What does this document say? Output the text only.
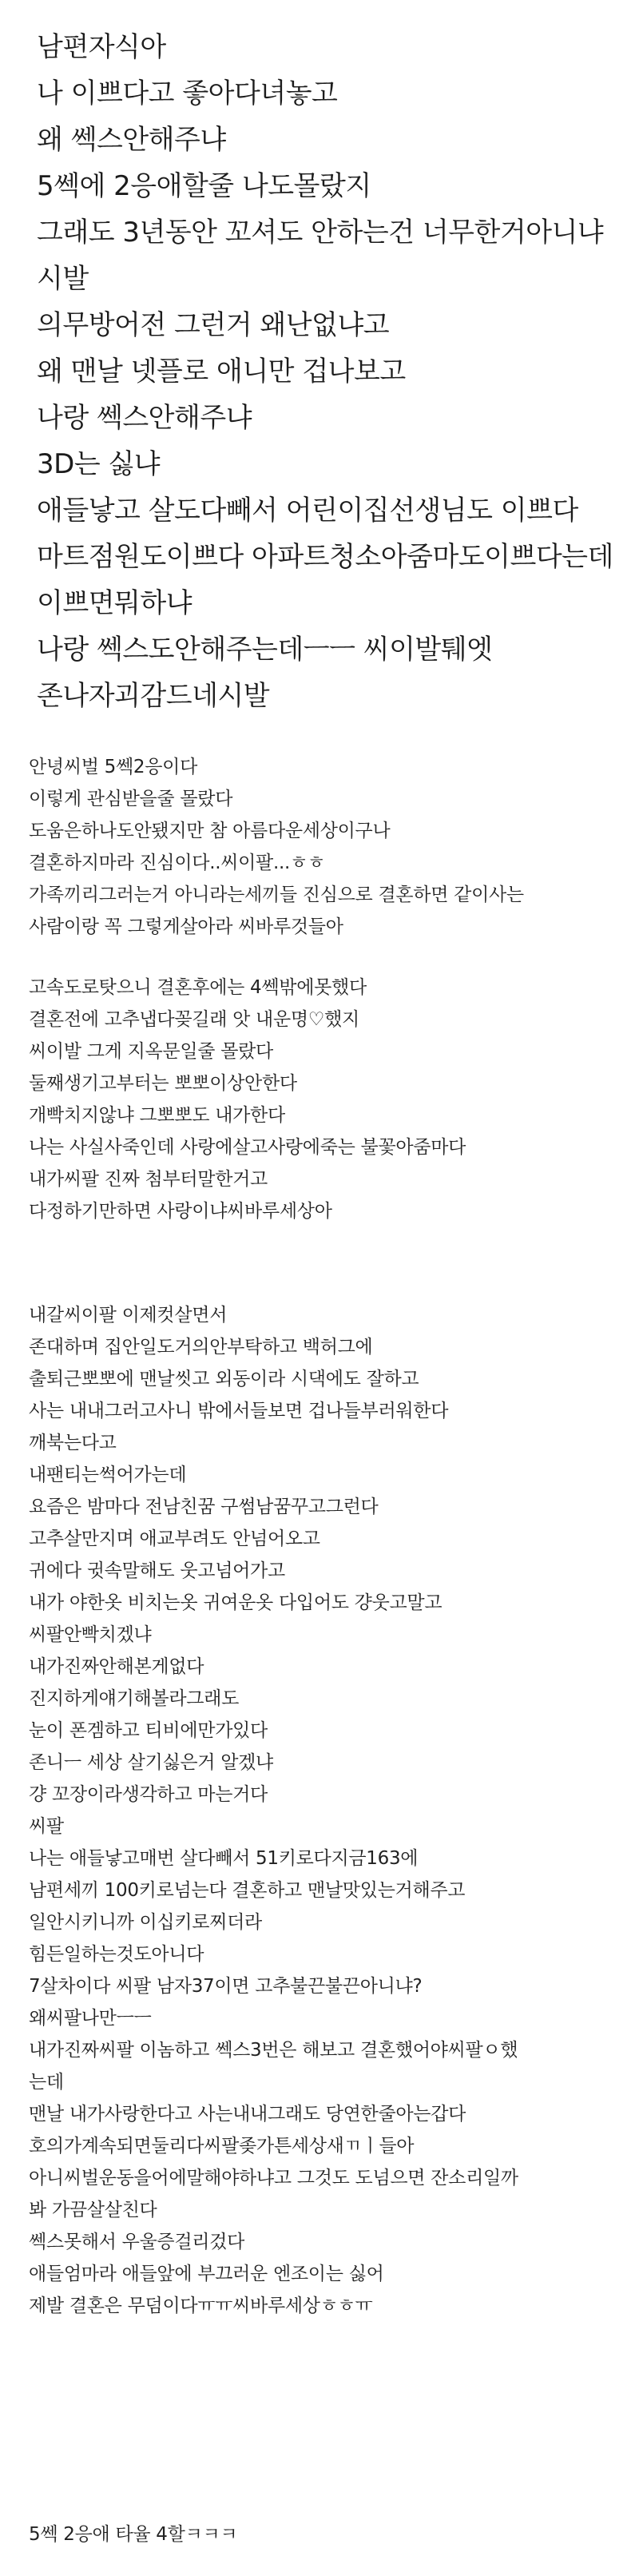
남편자식아
나 이쁘다고 좋아다녀놓고
왜 쎅스안해주냐
5쎅에 2응애할줄 나도몰랐지
그래도 3년동안 꼬셔도 안하는건 너무한거아니냐
시발
의무방어전 그런거 왜난없냐고
왜 맨날 넷플로 애니만 겁나보고
나랑 쎅스안해주냐
3D는 싫냐
애들낳고 살도다빼서 어린이집선생님도 이쁘다
마트점원도이쁘다 아파트청소아줌마도이쁘다는데
이쁘면뭐하냐
나랑 쎅스도안해주는데ㅡㅡ 씨이발퉤엣
존나자괴감드네시발
안녕씨벌 5쎅2응이다
이렇게 관심받을줄 몰랐다
도움은하나도안됐지만 참 아름다운세상이구나
결혼하지마라 진심이다..씨이팔...ㅎㅎ
가족끼리그러는거 아니라는세끼들 진심으로 결혼하면 같이사는
사람이랑 꼭 그렇게살아라 씨바루것들아
고속도로탓으니 결혼후에는 4쎅밖에못했다
결혼전에 고추냅다꽂길래 앗 내운명♡했지
씨이발 그게 지옥문일줄 몰랐다
둘째생기고부터는 뽀뽀이상안한다
개빡치지않냐 그뽀뽀도 내가한다
나는 사실사죽인데 사랑에살고사랑에죽는 불꽃아줌마다
내가씨팔 진짜 첨부터말한거고
다정하기만하면 사랑이냐씨바루세상아
내갈씨이팔 이제컷살면서
존대하며 집안일도거의안부탁하고 백허그에
출퇴근뽀뽀에 맨날씻고 외동이라 시댁에도 잘하고
사는 내내그러고사니 밖에서들보면 겁나들부러워한다
깨북는다고
내팬티는썩어가는데
요즘은 밤마다 전남친꿈 구썸남꿈꾸고그런다
고추살만지며 애교부려도 안넘어오고
귀에다 귓속말해도 웃고넘어가고
내가 야한옷 비치는옷 귀여운옷 다입어도 걍웃고말고
씨팔안빡치겠냐
내가진짜안해본게없다
진지하게얘기해볼라그래도
눈이 폰겜하고 티비에만가있다
존니ㅡ 세상 살기싫은거 알겠냐
걍 꼬장이라생각하고 마는거다
씨팔
나는 애들낳고매번 살다빼서 51키로다지금163에
남편세끼 100키로넘는다 결혼하고 맨날맛있는거해주고
일안시키니까 이십키로찌더라
힘든일하는것도아니다
7살차이다 씨팔 남자37이면 고추불끈불끈아니냐?
왜씨팔나만ㅡㅡ
내가진짜씨팔 이놈하고 쎅스3번은 해보고 결혼했어야씨팔ㅇ했
는데
맨날 내가사랑한다고 사는내내그래도 당연한줄아는갑다
호의가계속되면둘리다씨팔좆가튼세상새ㄲㅣ들아
아니씨벌운동을어에말해야하냐고 그것도 도넘으면 잔소리일까
봐 가끔살살친다
쎅스못해서 우울증걸리겄다
애들엄마라 애들앞에 부끄러운 엔조이는 싫어
제발 결혼은 무덤이다ㅠㅠ씨바루세상ㅎㅎㅠ
5쎅 2응애 타율 4할ㅋㅋㅋ
